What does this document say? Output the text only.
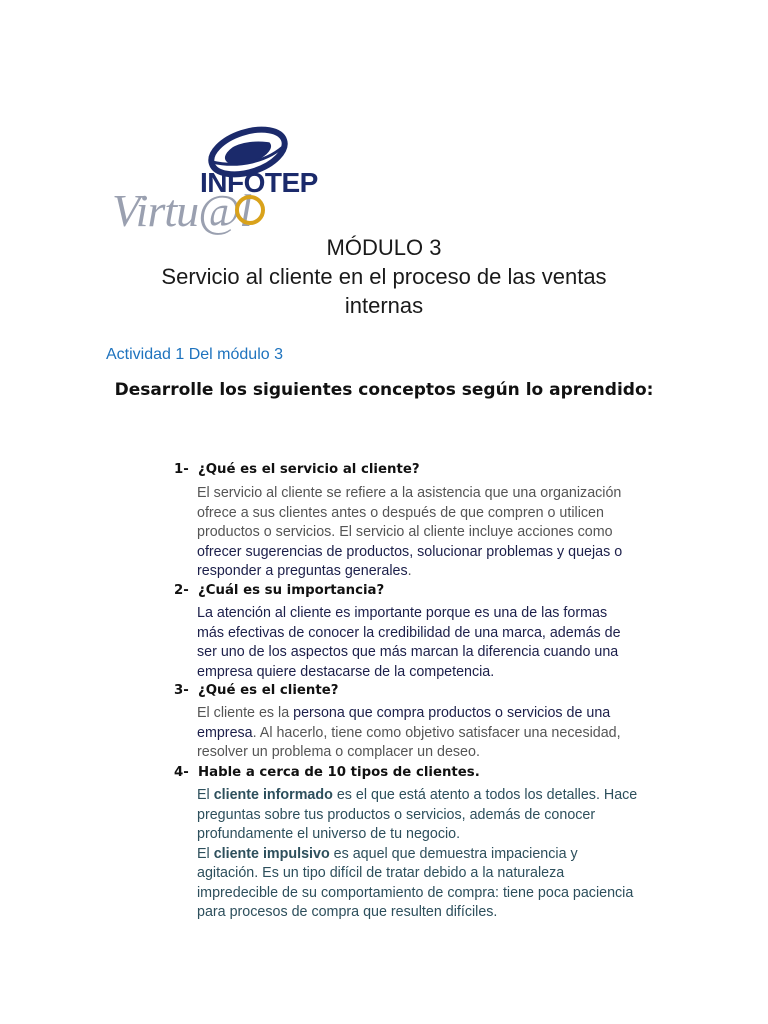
INFOTEP
Virtu@l
MÓDULO 3
Servicio al cliente en el proceso de las ventas
internas
Actividad 1 Del módulo 3
Desarrolle los siguientes conceptos según lo aprendido:
1- ¿Qué es el servicio al cliente?

El servicio al cliente se refiere a la asistencia que una organización

ofrece a sus clientes antes o después de que compren o utilicen

productos o servicios. El servicio al cliente incluye acciones como

ofrecer sugerencias de productos, solucionar problemas y quejas o

responder a preguntas generales.

2- ¿Cuál es su importancia?

La atención al cliente es importante porque es una de las formas

más efectivas de conocer la credibilidad de una marca, además de

ser uno de los aspectos que más marcan la diferencia cuando una

empresa quiere destacarse de la competencia.

3- ¿Qué es el cliente?

El cliente es la persona que compra productos o servicios de una

empresa. Al hacerlo, tiene como objetivo satisfacer una necesidad,

resolver un problema o complacer un deseo.

4- Hable a cerca de 10 tipos de clientes.

El cliente informado es el que está atento a todos los detalles. Hace

preguntas sobre tus productos o servicios, además de conocer

profundamente el universo de tu negocio.

El cliente impulsivo es aquel que demuestra impaciencia y

agitación. Es un tipo difícil de tratar debido a la naturaleza

impredecible de su comportamiento de compra: tiene poca paciencia

para procesos de compra que resulten difíciles.
